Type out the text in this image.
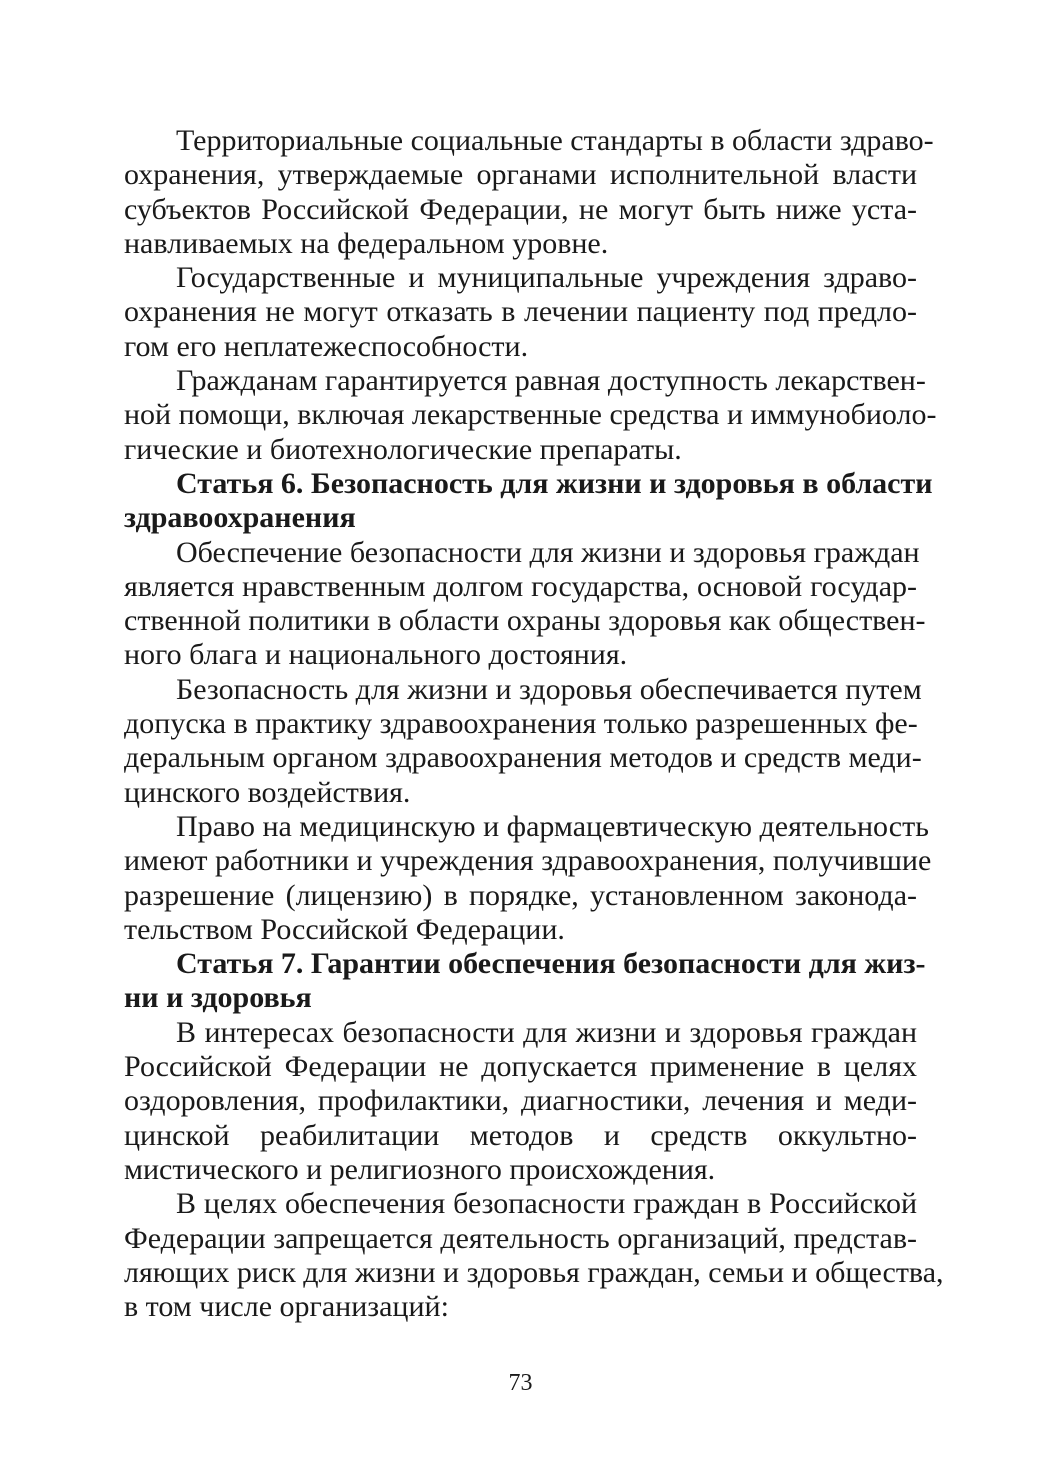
Территориальные социальные стандарты в области здраво-
охранения, утверждаемые органами исполнительной власти
субъектов Российской Федерации, не могут быть ниже уста-
навливаемых на федеральном уровне.
Государственные и муниципальные учреждения здраво-
охранения не могут отказать в лечении пациенту под предло-
гом его неплатежеспособности.
Гражданам гарантируется равная доступность лекарствен-
ной помощи, включая лекарственные средства и иммунобиоло-
гические и биотехнологические препараты.
Статья 6. Безопасность для жизни и здоровья в области
здравоохранения
Обеспечение безопасности для жизни и здоровья граждан
является нравственным долгом государства, основой государ-
ственной политики в области охраны здоровья как обществен-
ного блага и национального достояния.
Безопасность для жизни и здоровья обеспечивается путем
допуска в практику здравоохранения только разрешенных фе-
деральным органом здравоохранения методов и средств меди-
цинского воздействия.
Право на медицинскую и фармацевтическую деятельность
имеют работники и учреждения здравоохранения, получившие
разрешение (лицензию) в порядке, установленном законода-
тельством Российской Федерации.
Статья 7. Гарантии обеспечения безопасности для жиз-
ни и здоровья
В интересах безопасности для жизни и здоровья граждан
Российской Федерации не допускается применение в целях
оздоровления, профилактики, диагностики, лечения и меди-
цинской реабилитации методов и средств оккультно-
мистического и религиозного происхождения.
В целях обеспечения безопасности граждан в Российской
Федерации запрещается деятельность организаций, представ-
ляющих риск для жизни и здоровья граждан, семьи и общества,
в том числе организаций:
73
